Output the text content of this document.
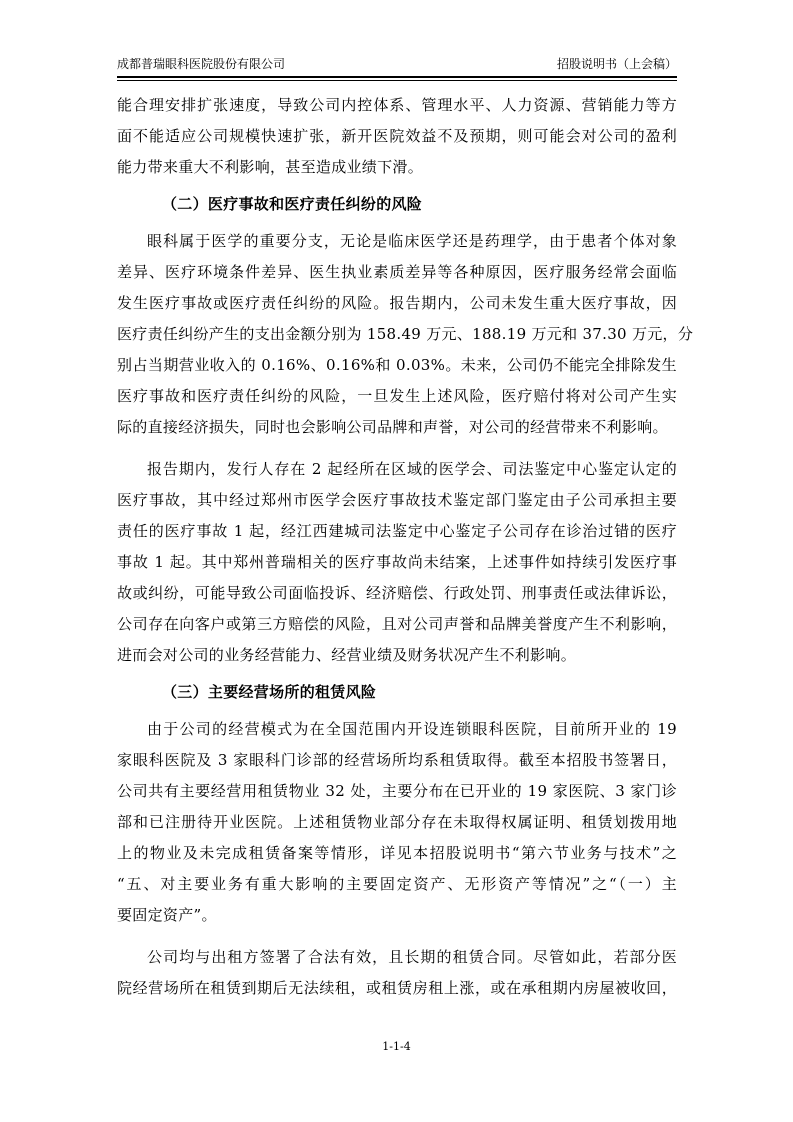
成都普瑞眼科医院股份有限公司	招股说明书（上会稿）

能合理安排扩张速度，导致公司内控体系、管理水平、人力资源、营销能力等方
面不能适应公司规模快速扩张，新开医院效益不及预期，则可能会对公司的盈利
能力带来重大不利影响，甚至造成业绩下滑。

（二）医疗事故和医疗责任纠纷的风险

眼科属于医学的重要分支，无论是临床医学还是药理学，由于患者个体对象
差异、医疗环境条件差异、医生执业素质差异等各种原因，医疗服务经常会面临
发生医疗事故或医疗责任纠纷的风险。报告期内，公司未发生重大医疗事故，因
医疗责任纠纷产生的支出金额分别为 158.49 万元、188.19 万元和 37.30 万元，分
别占当期营业收入的 0.16%、0.16%和 0.03%。未来，公司仍不能完全排除发生
医疗事故和医疗责任纠纷的风险，一旦发生上述风险，医疗赔付将对公司产生实
际的直接经济损失，同时也会影响公司品牌和声誉，对公司的经营带来不利影响。

报告期内，发行人存在 2 起经所在区域的医学会、司法鉴定中心鉴定认定的
医疗事故，其中经过郑州市医学会医疗事故技术鉴定部门鉴定由子公司承担主要
责任的医疗事故 1 起，经江西建城司法鉴定中心鉴定子公司存在诊治过错的医疗
事故 1 起。其中郑州普瑞相关的医疗事故尚未结案，上述事件如持续引发医疗事
故或纠纷，可能导致公司面临投诉、经济赔偿、行政处罚、刑事责任或法律诉讼，
公司存在向客户或第三方赔偿的风险，且对公司声誉和品牌美誉度产生不利影响，
进而会对公司的业务经营能力、经营业绩及财务状况产生不利影响。

（三）主要经营场所的租赁风险

由于公司的经营模式为在全国范围内开设连锁眼科医院，目前所开业的 19
家眼科医院及 3 家眼科门诊部的经营场所均系租赁取得。截至本招股书签署日，
公司共有主要经营用租赁物业 32 处，主要分布在已开业的 19 家医院、3 家门诊
部和已注册待开业医院。上述租赁物业部分存在未取得权属证明、租赁划拨用地
上的物业及未完成租赁备案等情形，详见本招股说明书“第六节业务与技术”之
“五、对主要业务有重大影响的主要固定资产、无形资产等情况”之“（一）主
要固定资产”。

公司均与出租方签署了合法有效，且长期的租赁合同。尽管如此，若部分医
院经营场所在租赁到期后无法续租，或租赁房租上涨，或在承租期内房屋被收回，

1-1-4
